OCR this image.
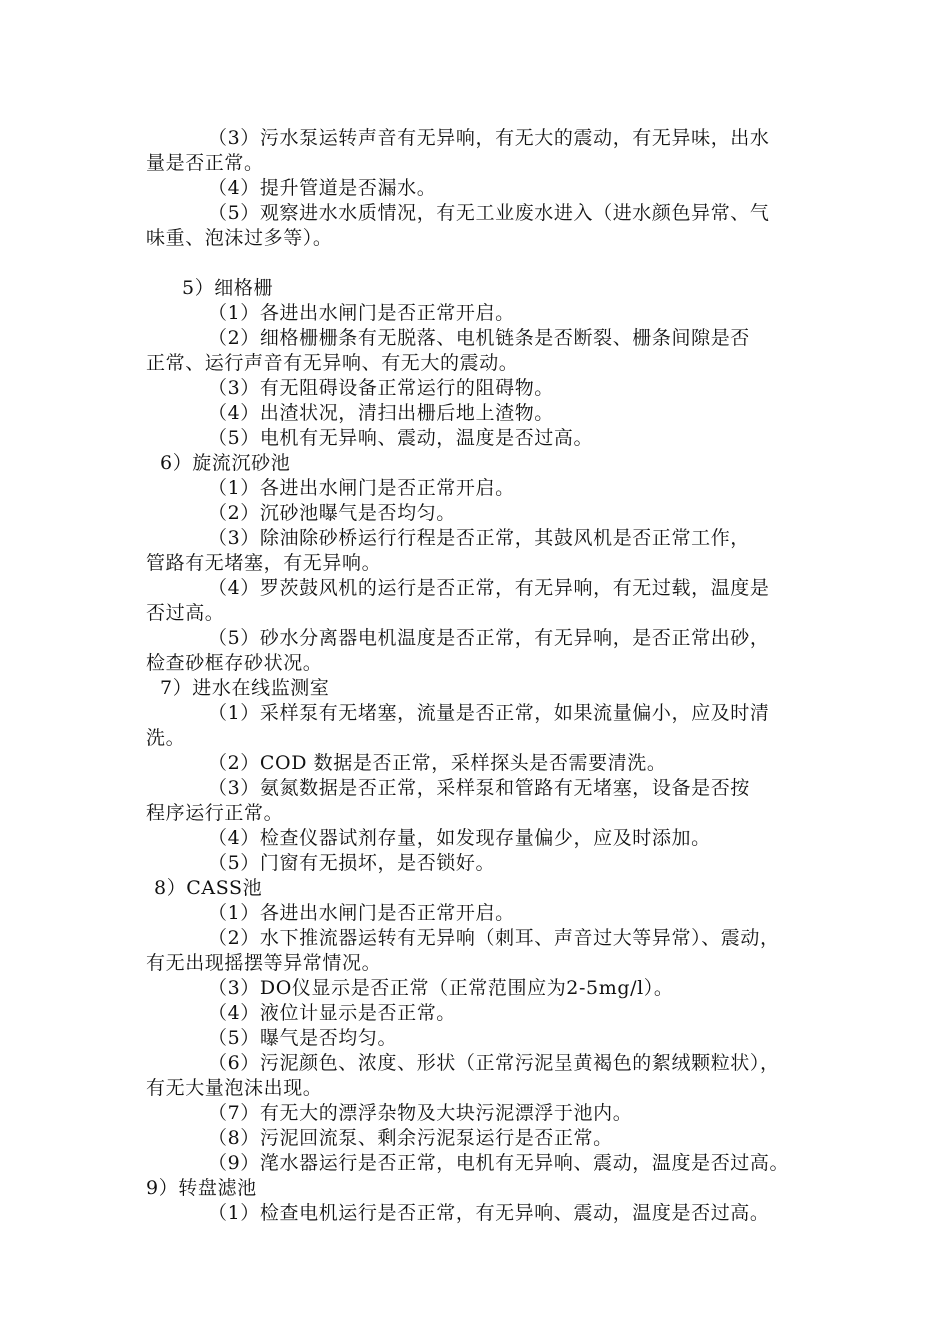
（3）污水泵运转声音有无异响，有无大的震动，有无异味，出水
量是否正常。
（4）提升管道是否漏水。
（5）观察进水水质情况，有无工业废水进入（进水颜色异常、气
味重、泡沫过多等）。
5）细格栅
（1）各进出水闸门是否正常开启。
（2）细格栅栅条有无脱落、电机链条是否断裂、栅条间隙是否
正常、运行声音有无异响、有无大的震动。
（3）有无阻碍设备正常运行的阻碍物。
（4）出渣状况，清扫出栅后地上渣物。
（5）电机有无异响、震动，温度是否过高。
6）旋流沉砂池
（1）各进出水闸门是否正常开启。
（2）沉砂池曝气是否均匀。
（3）除油除砂桥运行行程是否正常，其鼓风机是否正常工作，
管路有无堵塞，有无异响。
（4）罗茨鼓风机的运行是否正常，有无异响，有无过载，温度是
否过高。
（5）砂水分离器电机温度是否正常，有无异响，是否正常出砂，
检查砂框存砂状况。
7）进水在线监测室
（1）采样泵有无堵塞，流量是否正常，如果流量偏小，应及时清
洗。
（2）COD 数据是否正常，采样探头是否需要清洗。
（3）氨氮数据是否正常，采样泵和管路有无堵塞，设备是否按
程序运行正常。
（4）检查仪器试剂存量，如发现存量偏少，应及时添加。
（5）门窗有无损坏，是否锁好。
8）CASS池
（1）各进出水闸门是否正常开启。
（2）水下推流器运转有无异响（刺耳、声音过大等异常）、震动，
有无出现摇摆等异常情况。
（3）DO仪显示是否正常（正常范围应为2-5mg/l）。
（4）液位计显示是否正常。
（5）曝气是否均匀。
（6）污泥颜色、浓度、形状（正常污泥呈黄褐色的絮绒颗粒状），
有无大量泡沫出现。
（7）有无大的漂浮杂物及大块污泥漂浮于池内。
（8）污泥回流泵、剩余污泥泵运行是否正常。
（9）滗水器运行是否正常，电机有无异响、震动，温度是否过高。
9）转盘滤池
（1）检查电机运行是否正常，有无异响、震动，温度是否过高。
